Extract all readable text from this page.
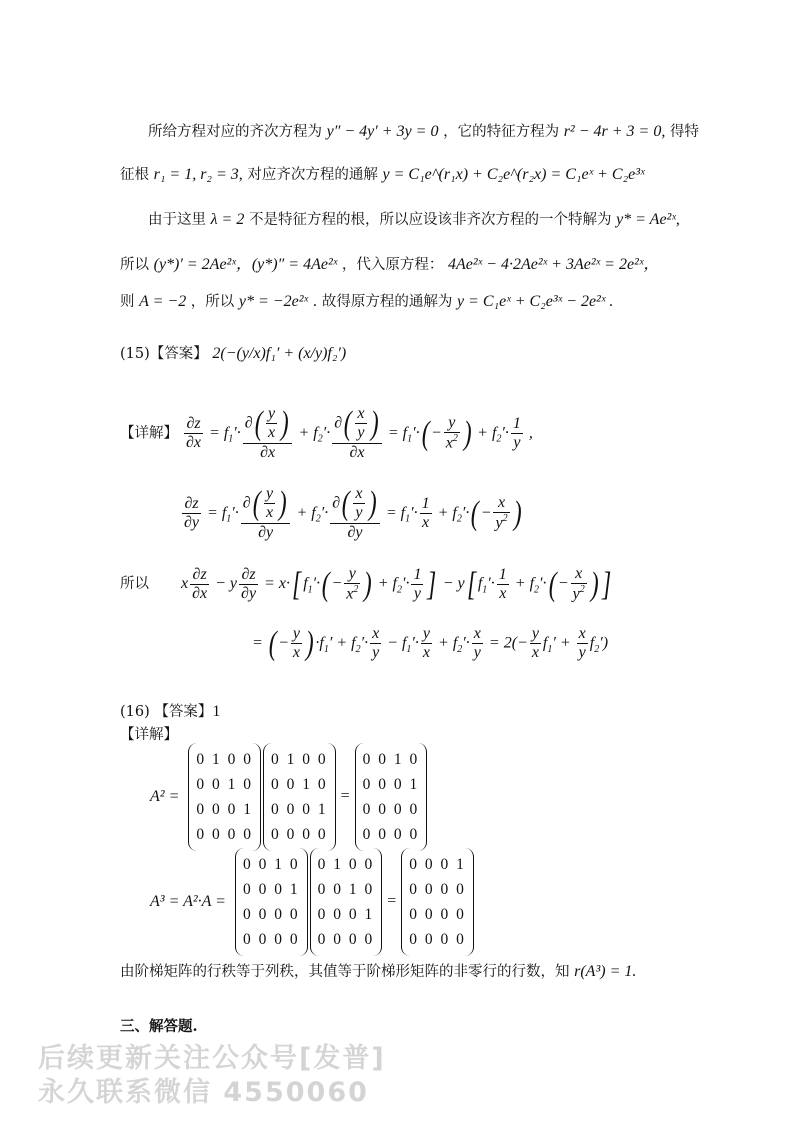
所给方程对应的齐次方程为 y″ − 4y′ + 3y = 0 ，它的特征方程为 r² − 4r + 3 = 0, 得特
征根 r₁ = 1, r₂ = 3, 对应齐次方程的通解 y = C₁e^(r₁x) + C₂e^(r₂x) = C₁eˣ + C₂e³ˣ
由于这里 λ = 2 不是特征方程的根，所以应设该非齐次方程的一个特解为 y* = Ae²ˣ,
所以 (y*)′ = 2Ae²ˣ，(y*)″ = 4Ae²ˣ ，代入原方程： 4Ae²ˣ − 4·2Ae²ˣ + 3Ae²ˣ = 2e²ˣ，
则 A = −2 ，所以 y* = −2e²ˣ . 故得原方程的通解为 y = C₁eˣ + C₂e³ˣ − 2e²ˣ .
(15)【答案】 2(−(y/x)f₁′ + (x/y)f₂′)
【详解】 $\frac{\partial z}{\partial x} = f_1'\cdot \frac{\partial( \frac{y}{x} )}{\partial x} + f_2'\cdot \frac{\partial( \frac{x}{y} )}{\partial x} = f_1'\cdot( - \frac{y}{x^2}$ ) + $f_2'\cdot \frac{1}{y}$ ,
$\frac{\partial z}{\partial y} = f_1'\cdot \frac{\partial( \frac{y}{x} )}{\partial y} + f_2'\cdot \frac{\partial( \frac{x}{y} )}{\partial y} = f_1'\cdot \frac{1}{x} + f_2'\cdot( - \frac{x}{y^2}$ )
所以 x $\frac{\partial z}{\partial x} - y \frac{\partial z}{\partial y} = x\cdot$[ $f_1'\cdot( - \frac{y}{x^2}$ ) + $f_2'\cdot \frac{1}{y}$ ] − y[ $f_1'\cdot \frac{1}{x} + f_2'\cdot( - \frac{x}{y^2}$ ) ]
= ( − $\frac{y}{x}$ ) $\cdot f_1' + f_2'\cdot \frac{x}{y} - f_1'\cdot \frac{y}{x} + f_2'\cdot \frac{x}{y} = 2(- \frac{y}{x} f_1' + \frac{x}{y} f_2')$
(16) 【答案】1
【详解】
A² =
0 1 0 0
0 0 1 0
0 0 0 1
0 0 0 0
0 1 0 0
0 0 1 0
0 0 0 1
0 0 0 0
=
0 0 1 0
0 0 0 1
0 0 0 0
0 0 0 0
A³ = A²·A =
0 0 1 0
0 0 0 1
0 0 0 0
0 0 0 0
0 1 0 0
0 0 1 0
0 0 0 1
0 0 0 0
=
0 0 0 1
0 0 0 0
0 0 0 0
0 0 0 0
由阶梯矩阵的行秩等于列秩，其值等于阶梯形矩阵的非零行的行数，知 r(A³) = 1.
三、解答题.
后续更新关注公众号[发普]
永久联系微信 4550060
